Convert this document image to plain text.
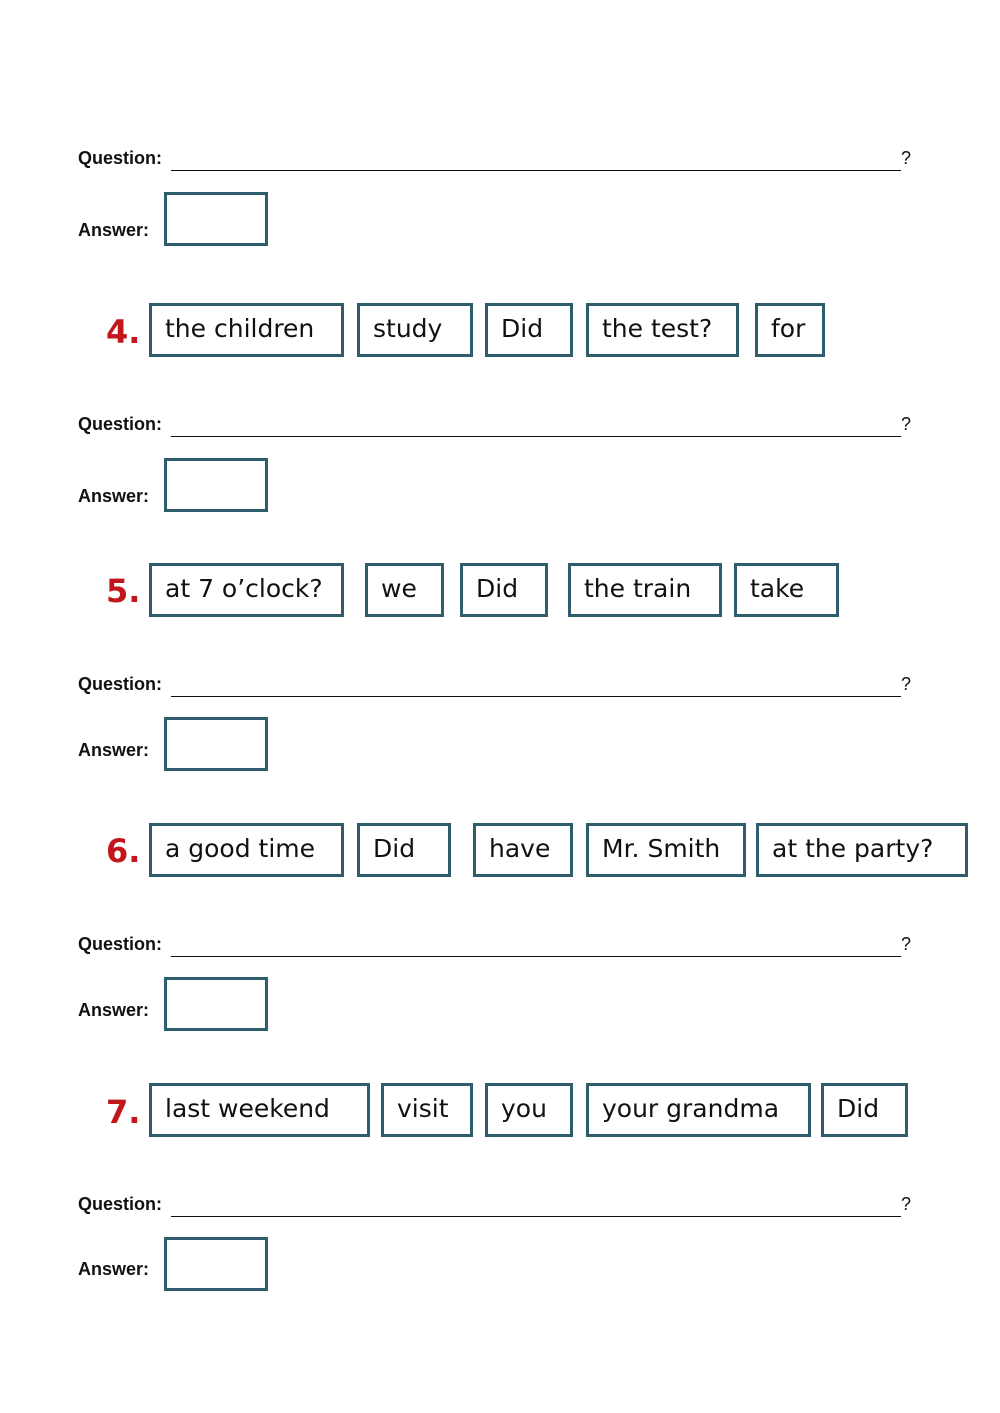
Question:	?
Answer:
4. the children	study	Did	the test?	for
Question:	?
Answer:
5. at 7 o’clock?	we	Did	the train	take
Question:	?
Answer:
6. a good time	Did	have	Mr. Smith	at the party?
Question:	?
Answer:
7. last weekend	visit	you	your grandma	Did
Question:	?
Answer:
